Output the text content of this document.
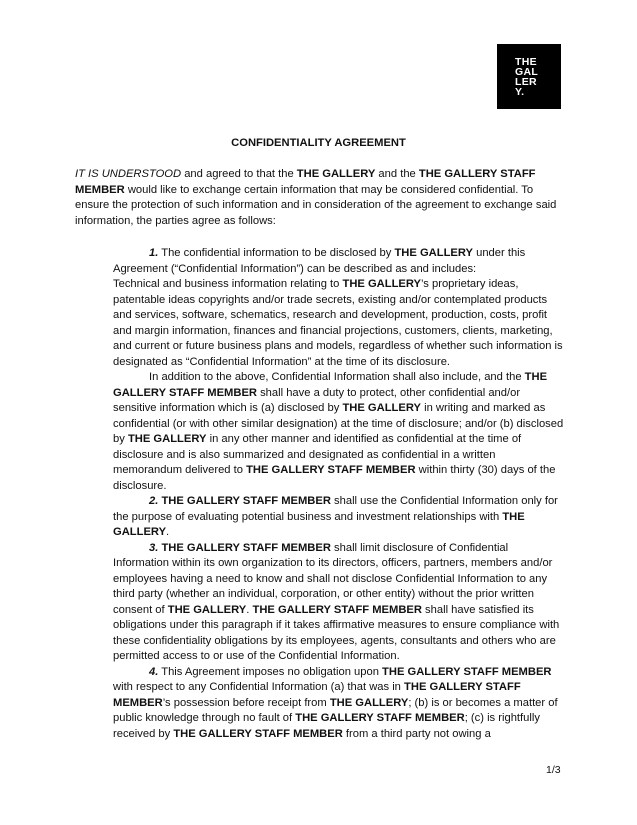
THE
GAL
LER
Y.
CONFIDENTIALITY AGREEMENT

IT IS UNDERSTOOD and agreed to that the THE GALLERY and the THE GALLERY STAFF MEMBER would like to exchange certain information that may be considered confidential. To ensure the protection of such information and in consideration of the agreement to exchange said information, the parties agree as follows:

1. The confidential information to be disclosed by THE GALLERY under this Agreement (“Confidential Information”) can be described as and includes:

Technical and business information relating to THE GALLERY’s proprietary ideas, patentable ideas copyrights and/or trade secrets, existing and/or contemplated products and services, software, schematics, research and development, production, costs, profit and margin information, finances and financial projections, customers, clients, marketing, and current or future business plans and models, regardless of whether such information is designated as “Confidential Information” at the time of its disclosure.

In addition to the above, Confidential Information shall also include, and the THE GALLERY STAFF MEMBER shall have a duty to protect, other confidential and/or sensitive information which is (a) disclosed by THE GALLERY in writing and marked as confidential (or with other similar designation) at the time of disclosure; and/or (b) disclosed by THE GALLERY in any other manner and identified as confidential at the time of disclosure and is also summarized and designated as confidential in a written memorandum delivered to THE GALLERY STAFF MEMBER within thirty (30) days of the disclosure.

2. THE GALLERY STAFF MEMBER shall use the Confidential Information only for the purpose of evaluating potential business and investment relationships with THE GALLERY.

3. THE GALLERY STAFF MEMBER shall limit disclosure of Confidential Information within its own organization to its directors, officers, partners, members and/or employees having a need to know and shall not disclose Confidential Information to any third party (whether an individual, corporation, or other entity) without the prior written consent of THE GALLERY. THE GALLERY STAFF MEMBER shall have satisfied its obligations under this paragraph if it takes affirmative measures to ensure compliance with these confidentiality obligations by its employees, agents, consultants and others who are permitted access to or use of the Confidential Information.

4. This Agreement imposes no obligation upon THE GALLERY STAFF MEMBER with respect to any Confidential Information (a) that was in THE GALLERY STAFF MEMBER’s possession before receipt from THE GALLERY; (b) is or becomes a matter of public knowledge through no fault of THE GALLERY STAFF MEMBER; (c) is rightfully received by THE GALLERY STAFF MEMBER from a third party not owing a

1/3
